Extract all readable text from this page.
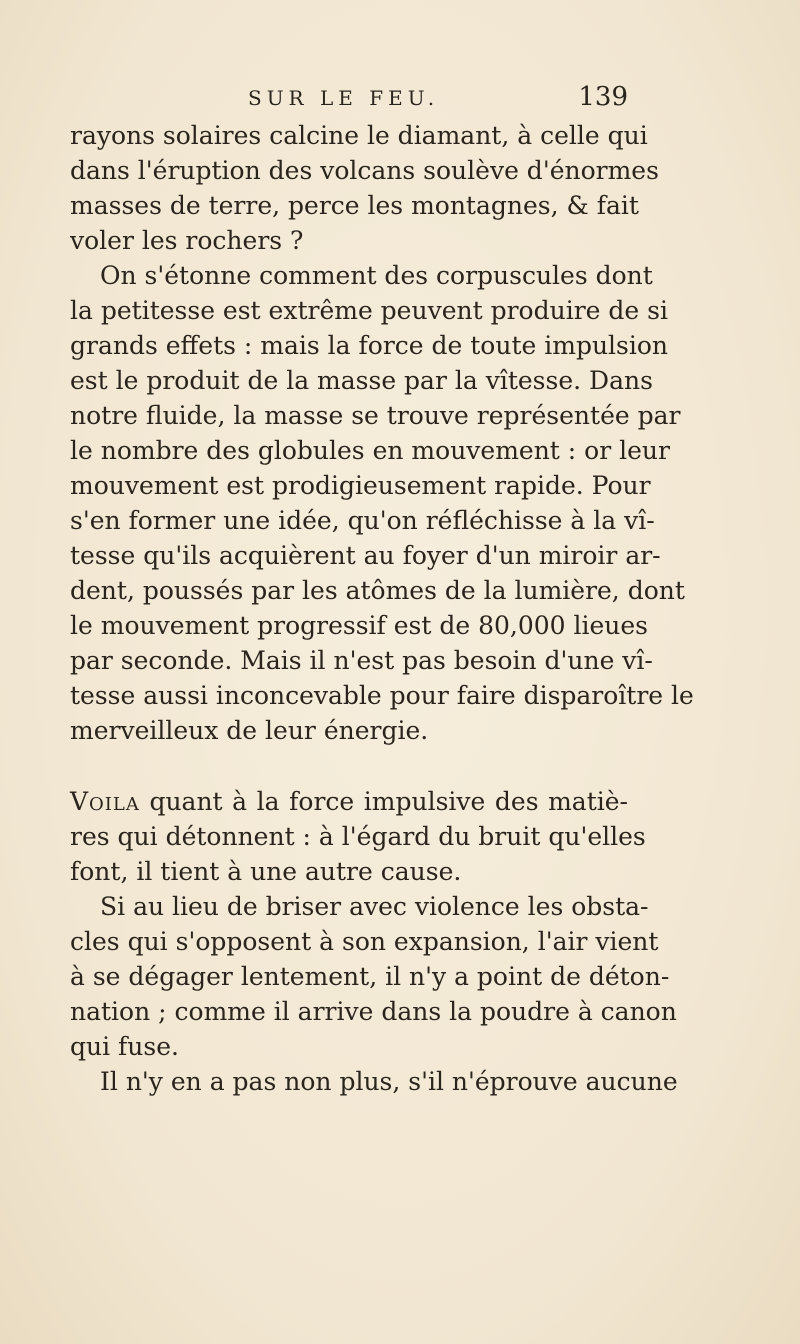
SUR LE FEU.	139
rayons solaires calcine le diamant, à celle qui
dans l'éruption des volcans soulève d'énormes
masses de terre, perce les montagnes, & fait
voler les rochers ?
On s'étonne comment des corpuscules dont
la petitesse est extrême peuvent produire de si
grands effets : mais la force de toute impulsion
est le produit de la masse par la vîtesse. Dans
notre fluide, la masse se trouve représentée par
le nombre des globules en mouvement : or leur
mouvement est prodigieusement rapide. Pour
s'en former une idée, qu'on réfléchisse à la vî-
tesse qu'ils acquièrent au foyer d'un miroir ar-
dent, poussés par les atômes de la lumière, dont
le mouvement progressif est de 80,000 lieues
par seconde. Mais il n'est pas besoin d'une vî-
tesse aussi inconcevable pour faire disparoître le
merveilleux de leur énergie.
Voila quant à la force impulsive des matiè-
res qui détonnent : à l'égard du bruit qu'elles
font, il tient à une autre cause.
Si au lieu de briser avec violence les obsta-
cles qui s'opposent à son expansion, l'air vient
à se dégager lentement, il n'y a point de déton-
nation ; comme il arrive dans la poudre à canon
qui fuse.
Il n'y en a pas non plus, s'il n'éprouve aucune
